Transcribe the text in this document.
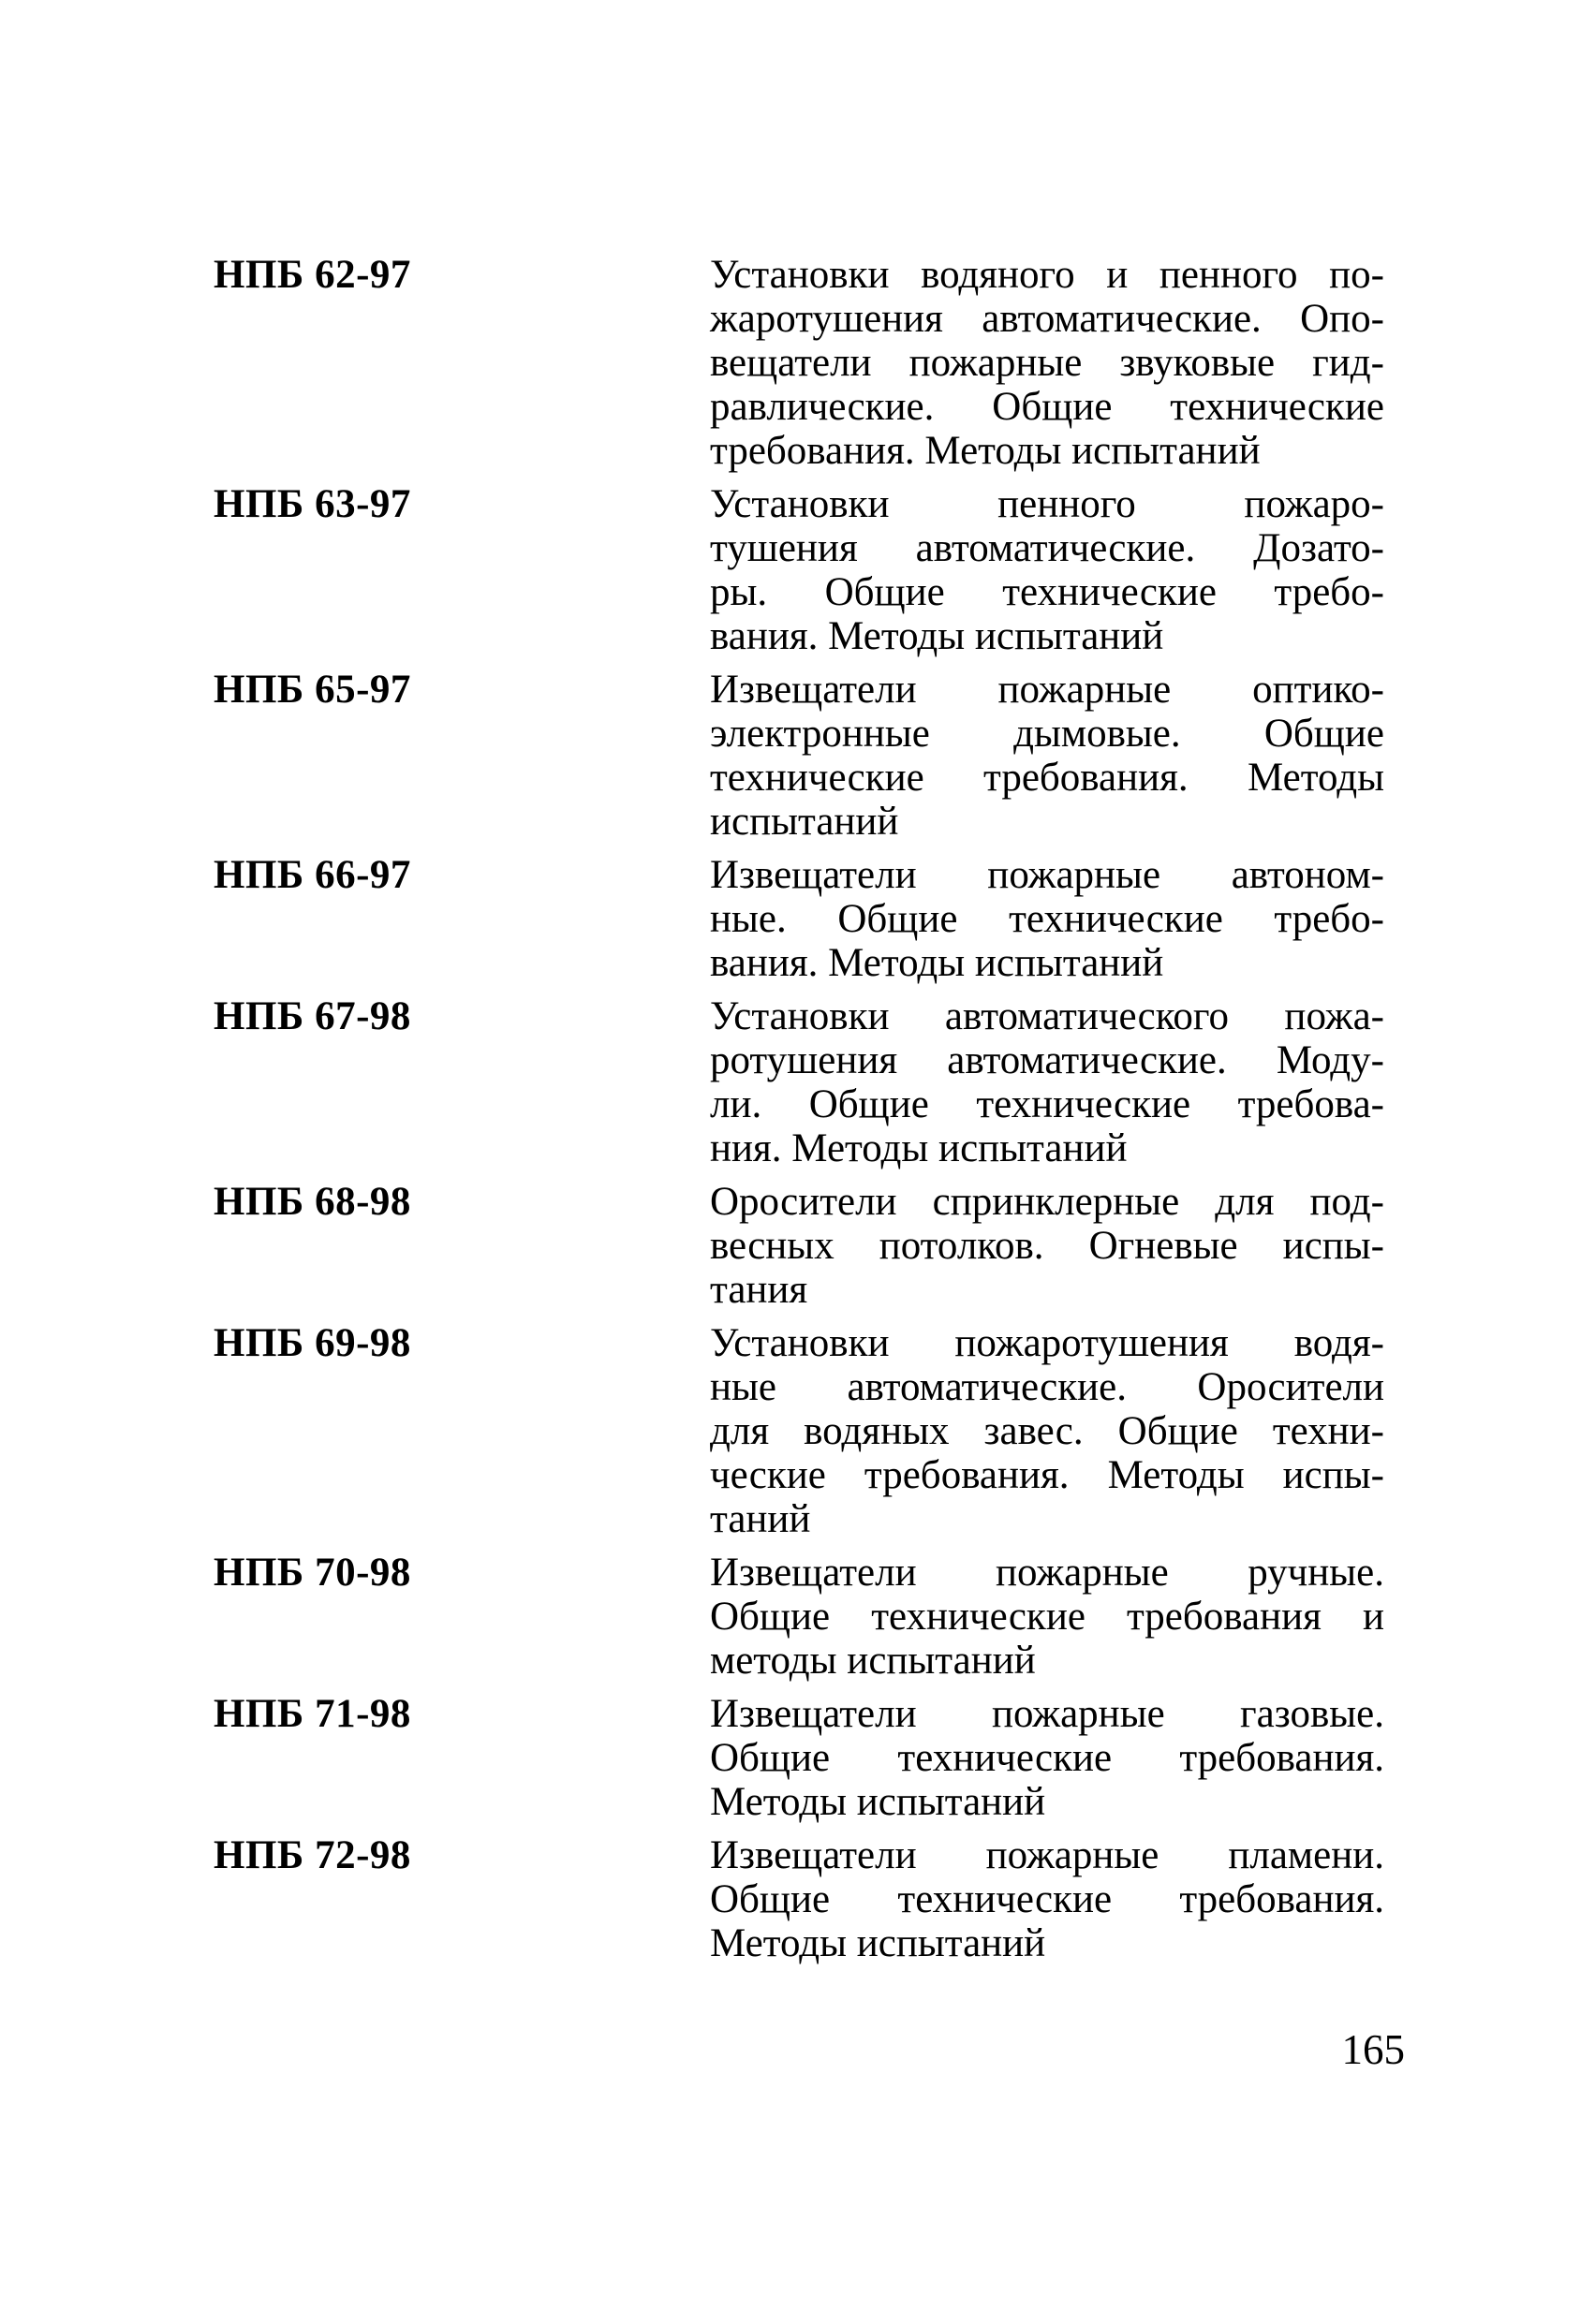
НПБ 62-97	Установки водяного и пенного по-
жаротушения автоматические. Опо-
вещатели пожарные звуковые гид-
равлические. Общие технические
требования. Методы испытаний
НПБ 63-97	Установки пенного пожаро-
тушения автоматические. Дозато-
ры. Общие технические требо-
вания. Методы испытаний
НПБ 65-97	Извещатели пожарные оптико-
электронные дымовые. Общие
технические требования. Методы
испытаний
НПБ 66-97	Извещатели пожарные автоном-
ные. Общие технические требо-
вания. Методы испытаний
НПБ 67-98	Установки автоматического пожа-
ротушения автоматические. Моду-
ли. Общие технические требова-
ния. Методы испытаний
НПБ 68-98	Оросители спринклерные для под-
весных потолков. Огневые испы-
тания
НПБ 69-98	Установки пожаротушения водя-
ные автоматические. Оросители
для водяных завес. Общие техни-
ческие требования. Методы испы-
таний
НПБ 70-98	Извещатели пожарные ручные.
Общие технические требования и
методы испытаний
НПБ 71-98	Извещатели пожарные газовые.
Общие технические требования.
Методы испытаний
НПБ 72-98	Извещатели пожарные пламени.
Общие технические требования.
Методы испытаний
165
